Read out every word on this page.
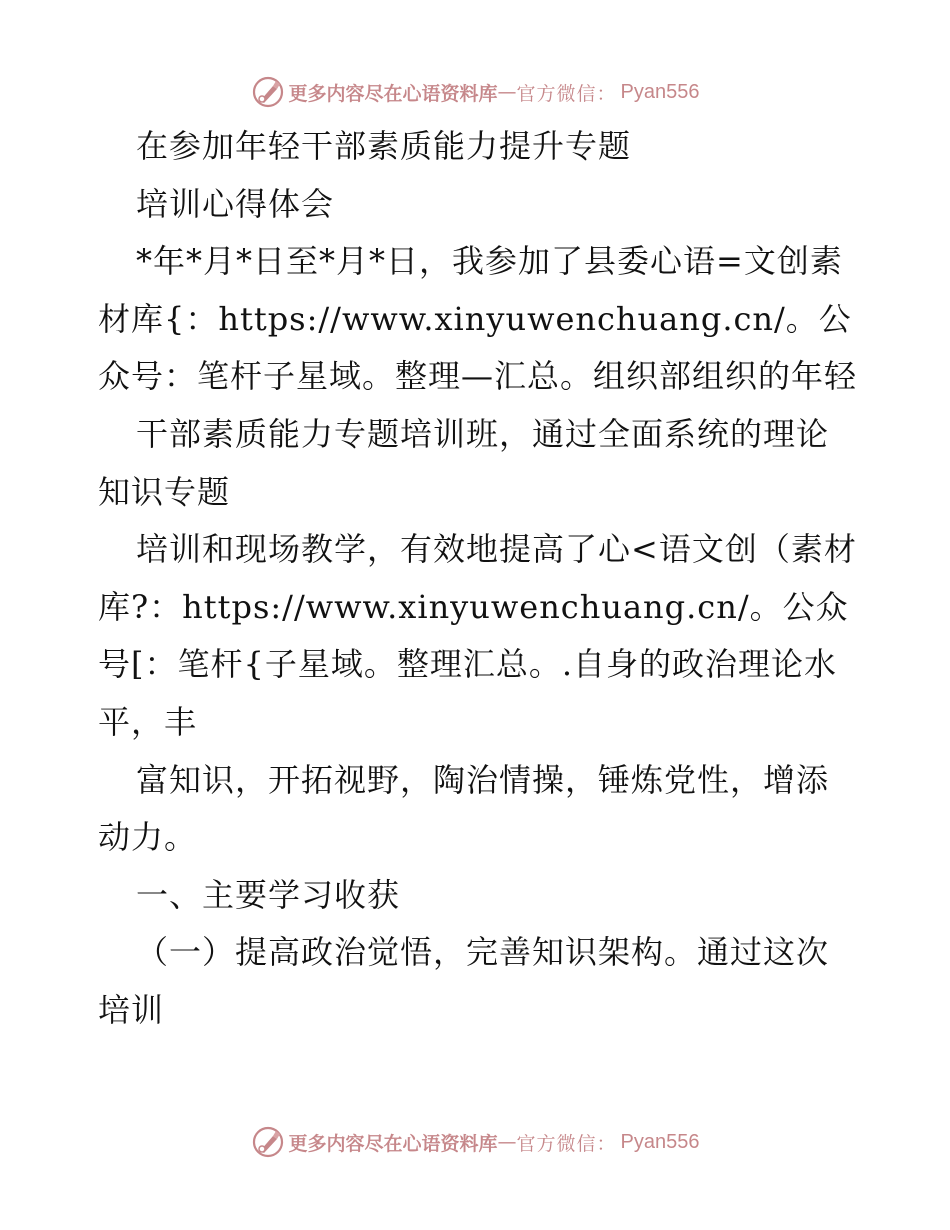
更多内容尽在心语资料库 — 官方微信： Pyan556

在参加年轻干部素质能力提升专题

培训心得体会

*年*月*日至*月*日，我参加了县委心语=文创素材库{：https://www.xinyuwenchuang.cn/。公众号：笔杆子星域。整理—汇总。组织部组织的年轻

干部素质能力专题培训班，通过全面系统的理论知识专题

培训和现场教学，有效地提高了心<语文创（素材库?：https://www.xinyuwenchuang.cn/。公众号[：笔杆{子星域。整理汇总。.自身的政治理论水平，丰

富知识，开拓视野，陶治情操，锤炼党性，增添动力。

一、主要学习收获

（一）提高政治觉悟，完善知识架构。通过这次培训

更多内容尽在心语资料库 — 官方微信： Pyan556
